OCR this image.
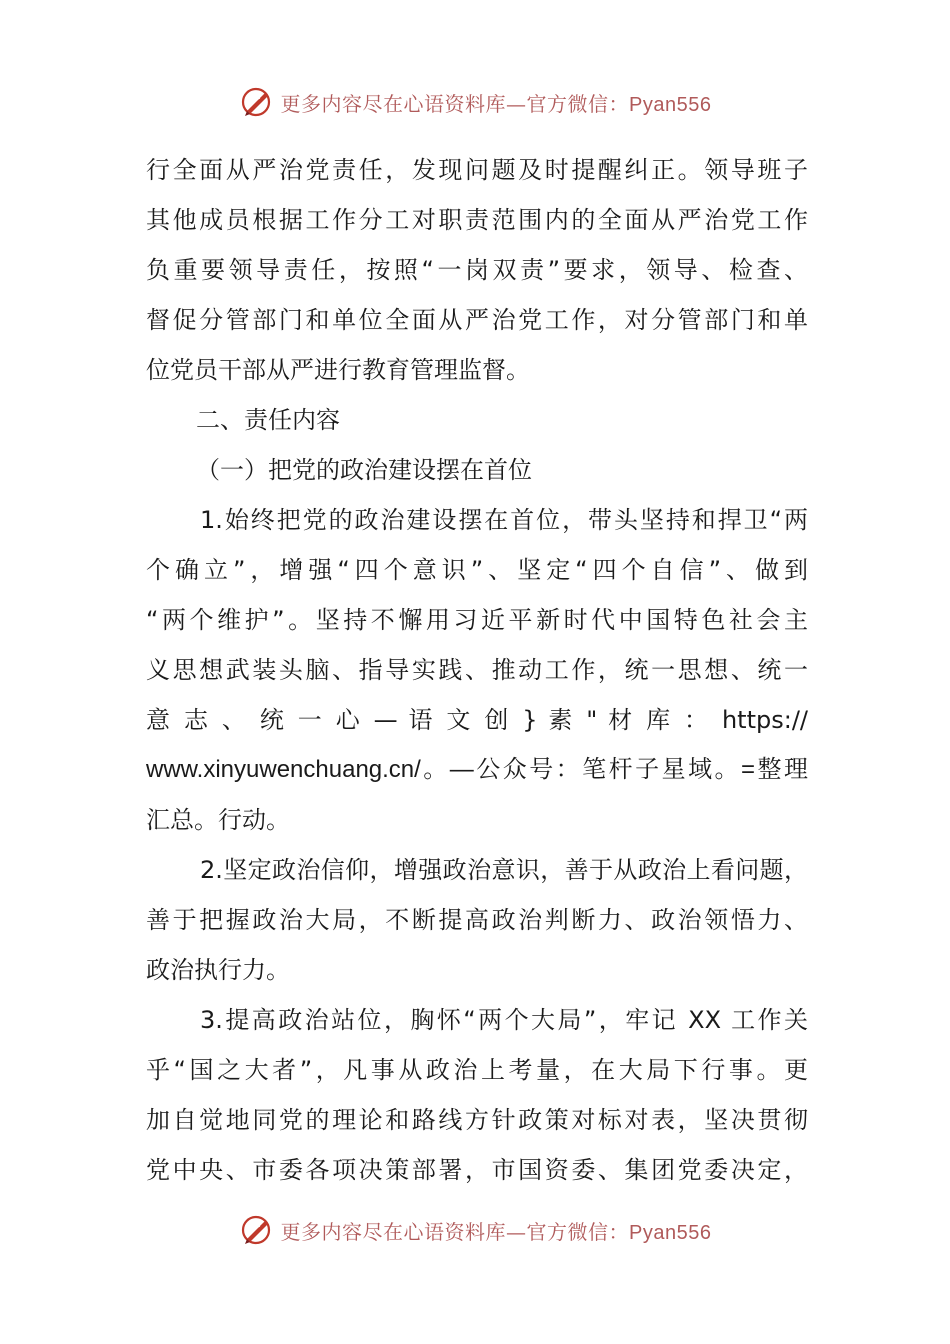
更多内容尽在心语资料库—官方微信：Pyan556
行全面从严治党责任，发现问题及时提醒纠正。领导班子
其他成员根据工作分工对职责范围内的全面从严治党工作
负重要领导责任，按照“一岗双责”要求，领导、检查、
督促分管部门和单位全面从严治党工作，对分管部门和单
位党员干部从严进行教育管理监督。
二、责任内容
（一）把党的政治建设摆在首位
1.始终把党的政治建设摆在首位，带头坚持和捍卫“两
个确立”，增强“四个意识”、坚定“四个自信”、做到
“两个维护”。坚持不懈用习近平新时代中国特色社会主
义思想武装头脑、指导实践、推动工作，统一思想、统一
意 志 、 统 一 心 — 语 文 创 } 素 " 材 库 ： https://
www.xinyuwenchuang.cn/。—公众号：笔杆子星域。=整理
汇总。行动。
2.坚定政治信仰，增强政治意识，善于从政治上看问题，
善于把握政治大局，不断提高政治判断力、政治领悟力、
政治执行力。
3.提高政治站位，胸怀“两个大局”，牢记 XX 工作关
乎“国之大者”，凡事从政治上考量，在大局下行事。更
加自觉地同党的理论和路线方针政策对标对表，坚决贯彻
党中央、市委各项决策部署，市国资委、集团党委决定，
更多内容尽在心语资料库—官方微信：Pyan556
